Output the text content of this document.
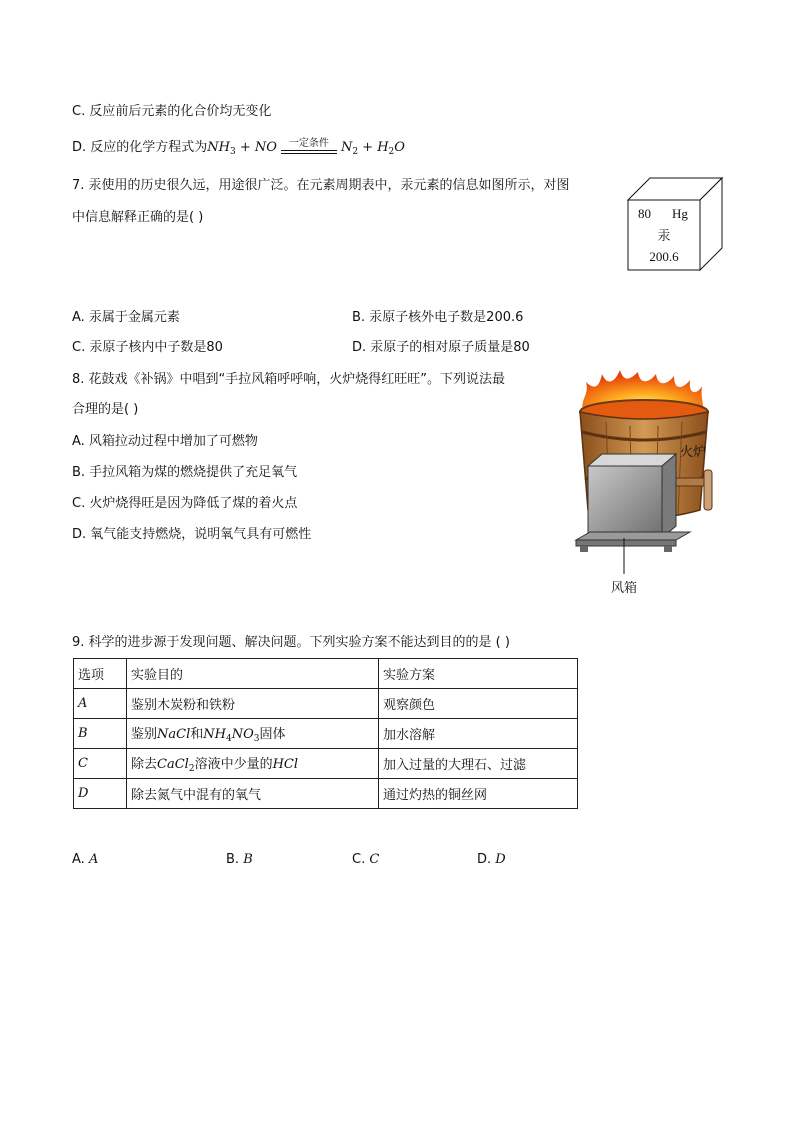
C. 反应前后元素的化合价均无变化
D. 反应的化学方程式为$NH_3$ + NO	一定条件 $N_2 + H_2O$
7. 汞使用的历史很久远，用途很广泛。在元素周期表中，汞元素的信息如图所示，对图
中信息解释正确的是( )	80 Hg
汞
200.6
A. 汞属于金属元素	B. 汞原子核外电子数是200.6
C. 汞原子核内中子数是80	D. 汞原子的相对原子质量是80
8. 花鼓戏《补锅》中唱到“手拉风箱呼呼响，火炉烧得红旺旺”。下列说法最
合理的是( )
A. 风箱拉动过程中增加了可燃物
B. 手拉风箱为煤的燃烧提供了充足氧气
C. 火炉烧得旺是因为降低了煤的着火点
D. 氧气能支持燃烧，说明氧气具有可燃性
火炉
风箱
9. 科学的进步源于发现问题、解决问题。下列实验方案不能达到目的的是 ( )
选项	实验目的	实验方案
A	鉴别木炭粉和铁粉	观察颜色
B	鉴别NaCl和$NH_4NO_3$固体	加水溶解
C	除去CaCl$_2$溶液中少量的HCl	加入过量的大理石、过滤
D	除去氮气中混有的氧气	通过灼热的铜丝网
A. A	B. B	C. C	D. D
